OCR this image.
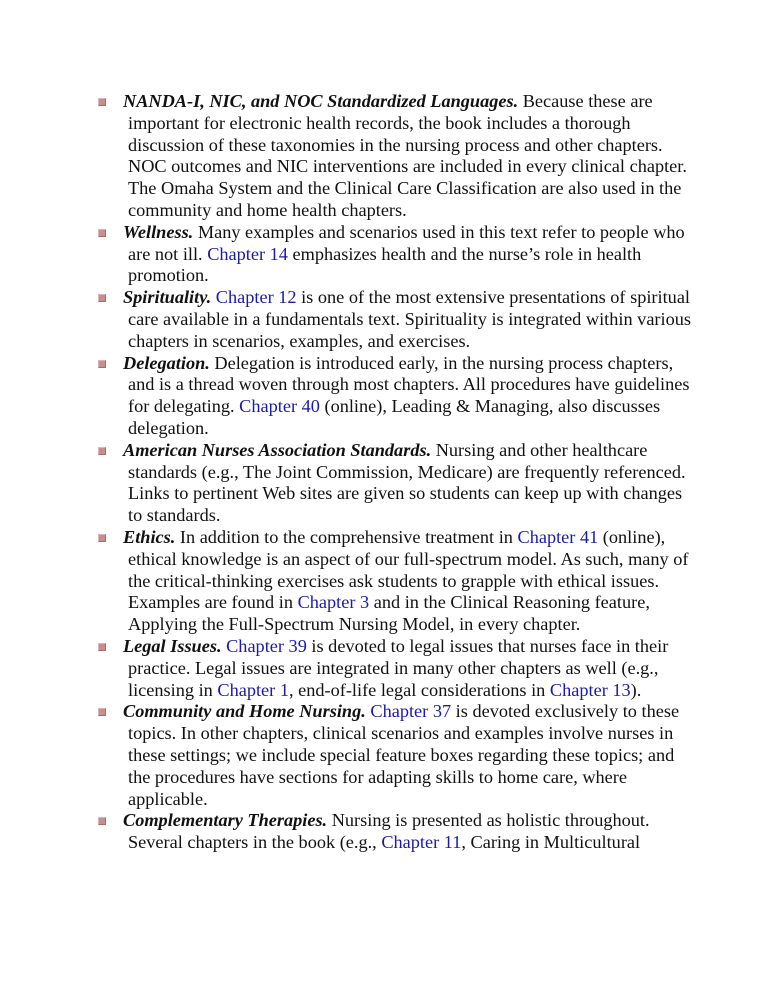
NANDA-I, NIC, and NOC Standardized Languages. Because these are important for electronic health records, the book includes a thorough discussion of these taxonomies in the nursing process and other chapters. NOC outcomes and NIC interventions are included in every clinical chapter. The Omaha System and the Clinical Care Classification are also used in the community and home health chapters.
Wellness. Many examples and scenarios used in this text refer to people who are not ill. Chapter 14 emphasizes health and the nurse’s role in health promotion.
Spirituality. Chapter 12 is one of the most extensive presentations of spiritual care available in a fundamentals text. Spirituality is integrated within various chapters in scenarios, examples, and exercises.
Delegation. Delegation is introduced early, in the nursing process chapters, and is a thread woven through most chapters. All procedures have guidelines for delegating. Chapter 40 (online), Leading & Managing, also discusses delegation.
American Nurses Association Standards. Nursing and other healthcare standards (e.g., The Joint Commission, Medicare) are frequently referenced. Links to pertinent Web sites are given so students can keep up with changes to standards.
Ethics. In addition to the comprehensive treatment in Chapter 41 (online), ethical knowledge is an aspect of our full-spectrum model. As such, many of the critical-thinking exercises ask students to grapple with ethical issues. Examples are found in Chapter 3 and in the Clinical Reasoning feature, Applying the Full-Spectrum Nursing Model, in every chapter.
Legal Issues. Chapter 39 is devoted to legal issues that nurses face in their practice. Legal issues are integrated in many other chapters as well (e.g., licensing in Chapter 1, end-of-life legal considerations in Chapter 13).
Community and Home Nursing. Chapter 37 is devoted exclusively to these topics. In other chapters, clinical scenarios and examples involve nurses in these settings; we include special feature boxes regarding these topics; and the procedures have sections for adapting skills to home care, where applicable.
Complementary Therapies. Nursing is presented as holistic throughout. Several chapters in the book (e.g., Chapter 11, Caring in Multicultural
